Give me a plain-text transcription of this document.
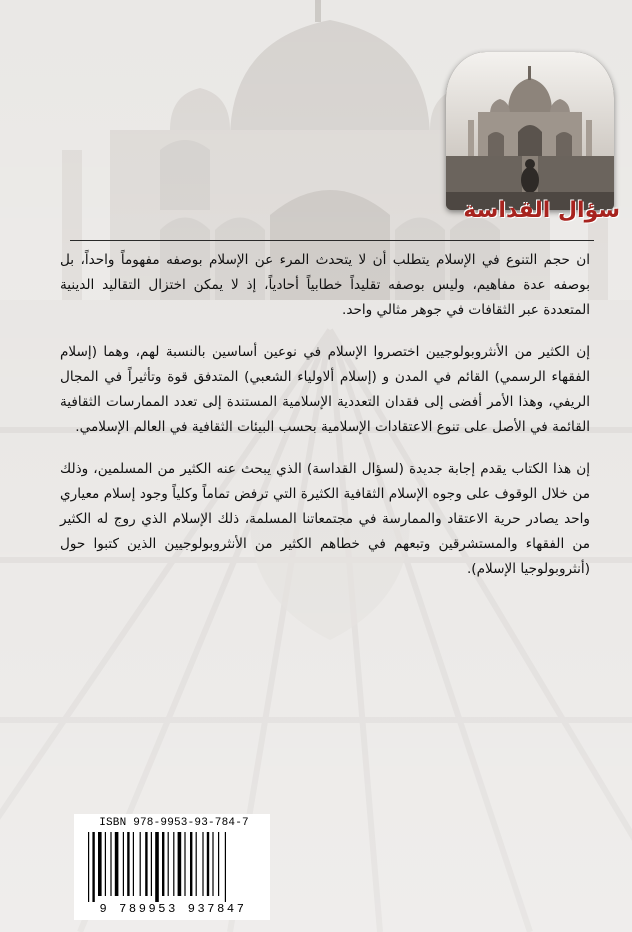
سؤال القداسة

ان حجم التنوع في الإسلام يتطلب أن لا يتحدث المرء عن الإسلام بوصفه مفهوماً واحداً، بل بوصفه عدة مفاهيم، وليس بوصفه تقليداً خطابياً أحادياً، إذ لا يمكن اختزال التقاليد الدينية المتعددة عبر الثقافات في جوهر مثالي واحد.

إن الكثير من الأنثروبولوجيين اختصروا الإسلام في نوعين أساسين بالنسبة لهم، وهما (إسلام الفقهاء الرسمي) القائم في المدن و (إسلام ألاولياء الشعبي) المتدفق قوة وتأثيراً في المجال الريفي، وهذا الأمر أفضى إلى فقدان التعددية الإسلامية المستندة إلى تعدد الممارسات الثقافية القائمة في الأصل على تنوع الاعتقادات الإسلامية بحسب البيئات الثقافية في العالم الإسلامي.

إن هذا الكتاب يقدم إجابة جديدة (لسؤال القداسة) الذي يبحث عنه الكثير من المسلمين، وذلك من خلال الوقوف على وجوه الإسلام الثقافية الكثيرة التي ترفض تماماً وكلياً وجود إسلام معياري واحد يصادر حرية الاعتقاد والممارسة في مجتمعاتنا المسلمة، ذلك الإسلام الذي روج له الكثير من الفقهاء والمستشرقين وتبعهم في خطاهم الكثير من الأنثروبولوجيين الذين كتبوا حول (أنثروبولوجيا الإسلام).

ISBN 978-9953-93-784-7
9 789953 937847
